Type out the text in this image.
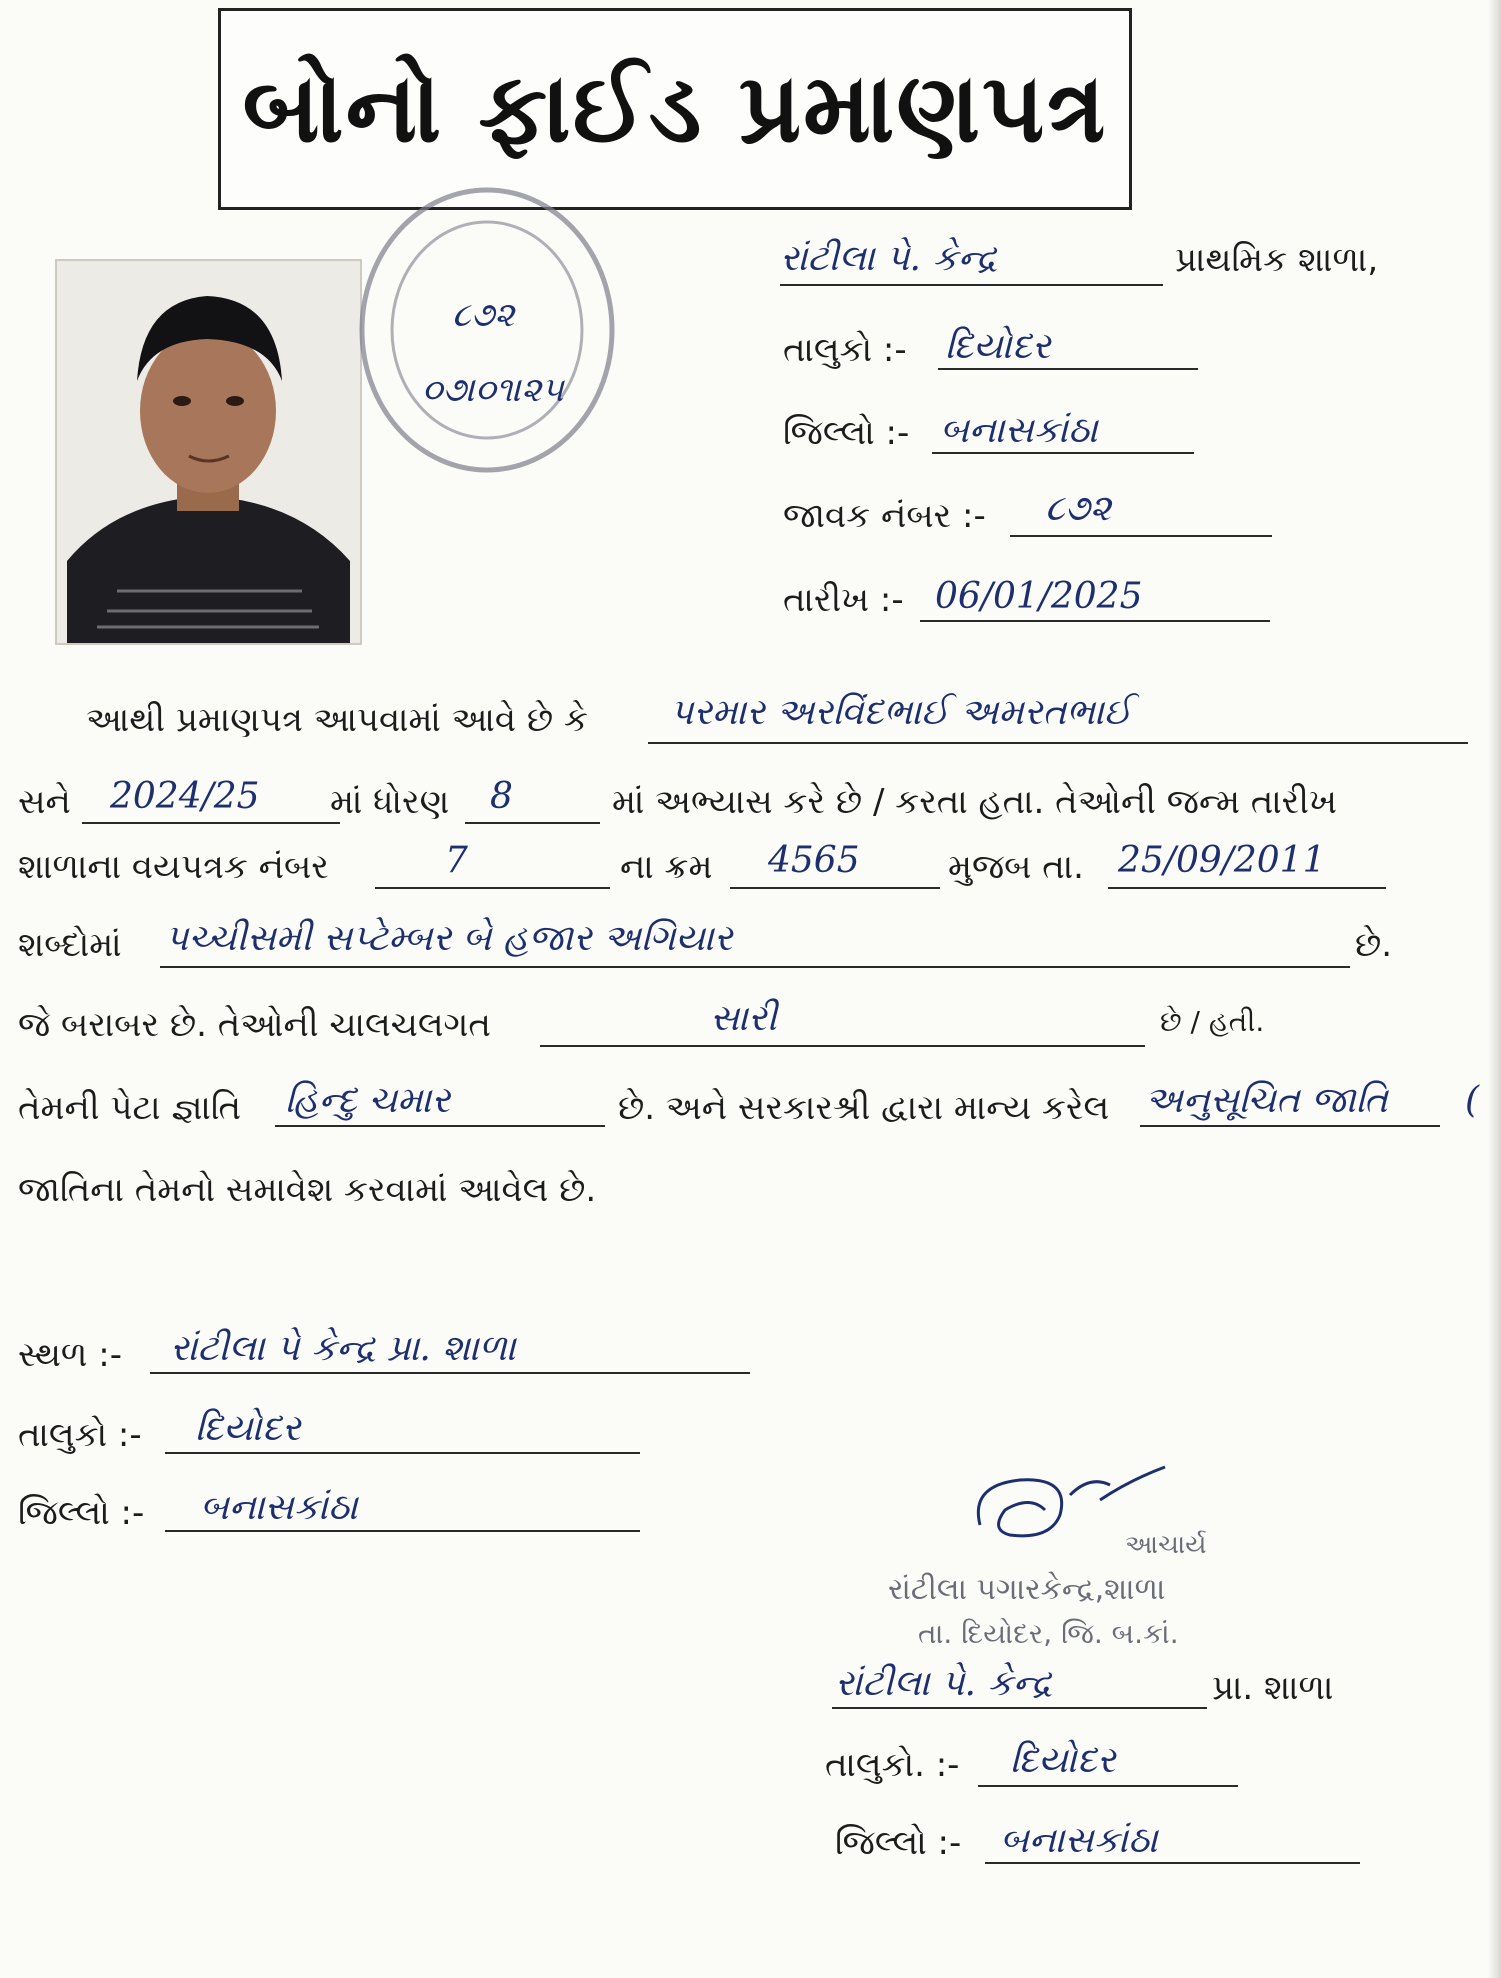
બોનો ફાઈડ પ્રમાણપત્ર
૮૭૨
૦૭।૦૧।૨૫
રાંટીલા પે. કેન્દ્ર	પ્રાથમિક શાળા,
તાલુકો :- દિયોદર
જિલ્લો :- બનાસકાંઠા
જાવક નંબર :- ૮૭૨
તારીખ :- 06/01/2025
આથી પ્રમાણપત્ર આપવામાં આવે છે કે પરમાર અરવિંદભાઈ અમરતભાઈ
સને 2024/25 માં ધોરણ 8	માં અભ્યાસ કરે છે / કરતા હતા. તેઓની જન્મ તારીખ
શાળાના વયપત્રક નંબર	7	ના ક્રમ 4565	મુજબ તા. 25/09/2011
શબ્દોમાં પચ્ચીસમી સપ્ટેમ્બર બે હજાર અગિયાર	છે.
જે બરાબર છે. તેઓની ચાલચલગત	સારી	છે / હતી.
તેમની પેટા જ્ઞાતિ હિન્દુ ચમાર	છે. અને સરકારશ્રી દ્વારા માન્ય કરેલ અનુસૂચિત જાતિ (
જાતિના તેમનો સમાવેશ કરવામાં આવેલ છે.
સ્થળ :- રાંટીલા પે કેન્દ્ર પ્રા. શાળા
તાલુકો :- દિયોદર
જિલ્લો :- બનાસકાંઠા
આચાર્ય
રાંટીલા પગારકેન્દ્ર,શાળા
તા. દિયોદર, જિ. બ.કાં.
રાંટીલા પે. કેન્દ્ર	પ્રા. શાળા
તાલુકો. :- દિયોદર
જિલ્લો :- બનાસકાંઠા
